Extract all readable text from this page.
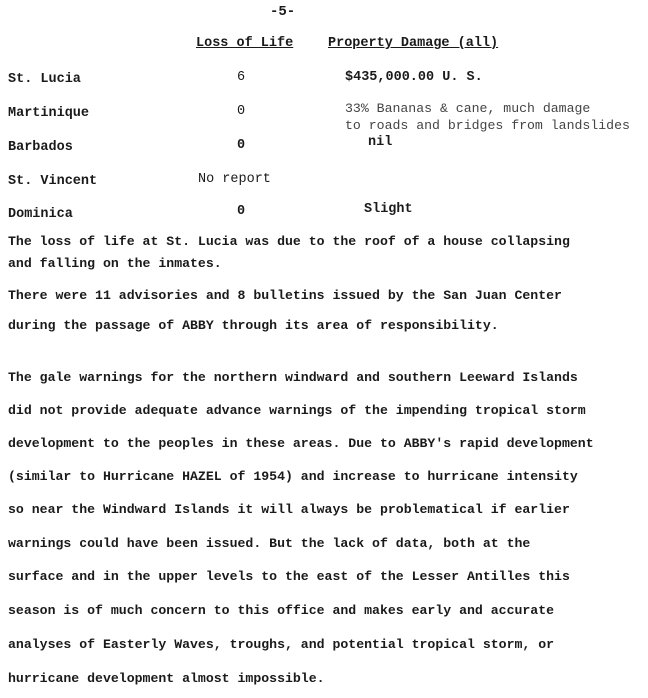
-5-
Loss of Life	Property Damage (all)
St. Lucia	6	$435,000.00 U. S.
Martinique	0	33% Bananas & cane, much damage
to roads and bridges from landslides
Barbados	0	nil
St. Vincent	No report
Dominica	0	Slight
The loss of life at St. Lucia was due to the roof of a house collapsing
and falling on the inmates.
There were 11 advisories and 8 bulletins issued by the San Juan Center
during the passage of ABBY through its area of responsibility.
The gale warnings for the northern windward and southern Leeward Islands
did not provide adequate advance warnings of the impending tropical storm
development to the peoples in these areas. Due to ABBY's rapid development
(similar to Hurricane HAZEL of 1954) and increase to hurricane intensity
so near the Windward Islands it will always be problematical if earlier
warnings could have been issued. But the lack of data, both at the
surface and in the upper levels to the east of the Lesser Antilles this
season is of much concern to this office and makes early and accurate
analyses of Easterly Waves, troughs, and potential tropical storm, or
hurricane development almost impossible.
